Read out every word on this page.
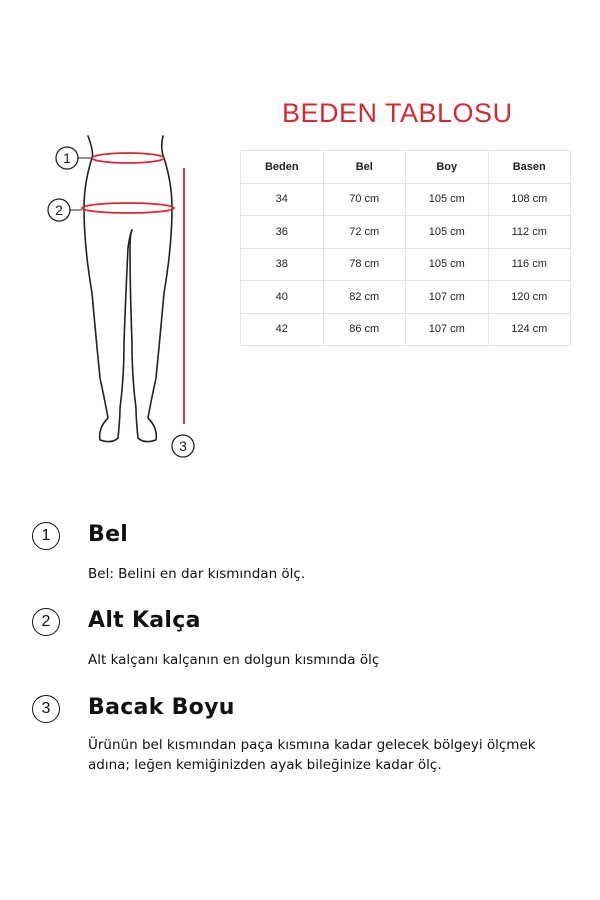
1
2
3
BEDEN TABLOSU
Beden	Bel	Boy	Basen
34	70 cm	105 cm	108 cm
36	72 cm	105 cm	112 cm
38	78 cm	105 cm	116 cm
40	82 cm	107 cm	120 cm
42	86 cm	107 cm	124 cm
1	Bel
Bel: Belini en dar kısmından ölç.
2	Alt Kalça
Alt kalçanı kalçanın en dolgun kısmında ölç
3	Bacak Boyu
Ürünün bel kısmından paça kısmına kadar gelecek bölgeyi ölçmek adına; leğen kemiğinizden ayak bileğinize kadar ölç.
